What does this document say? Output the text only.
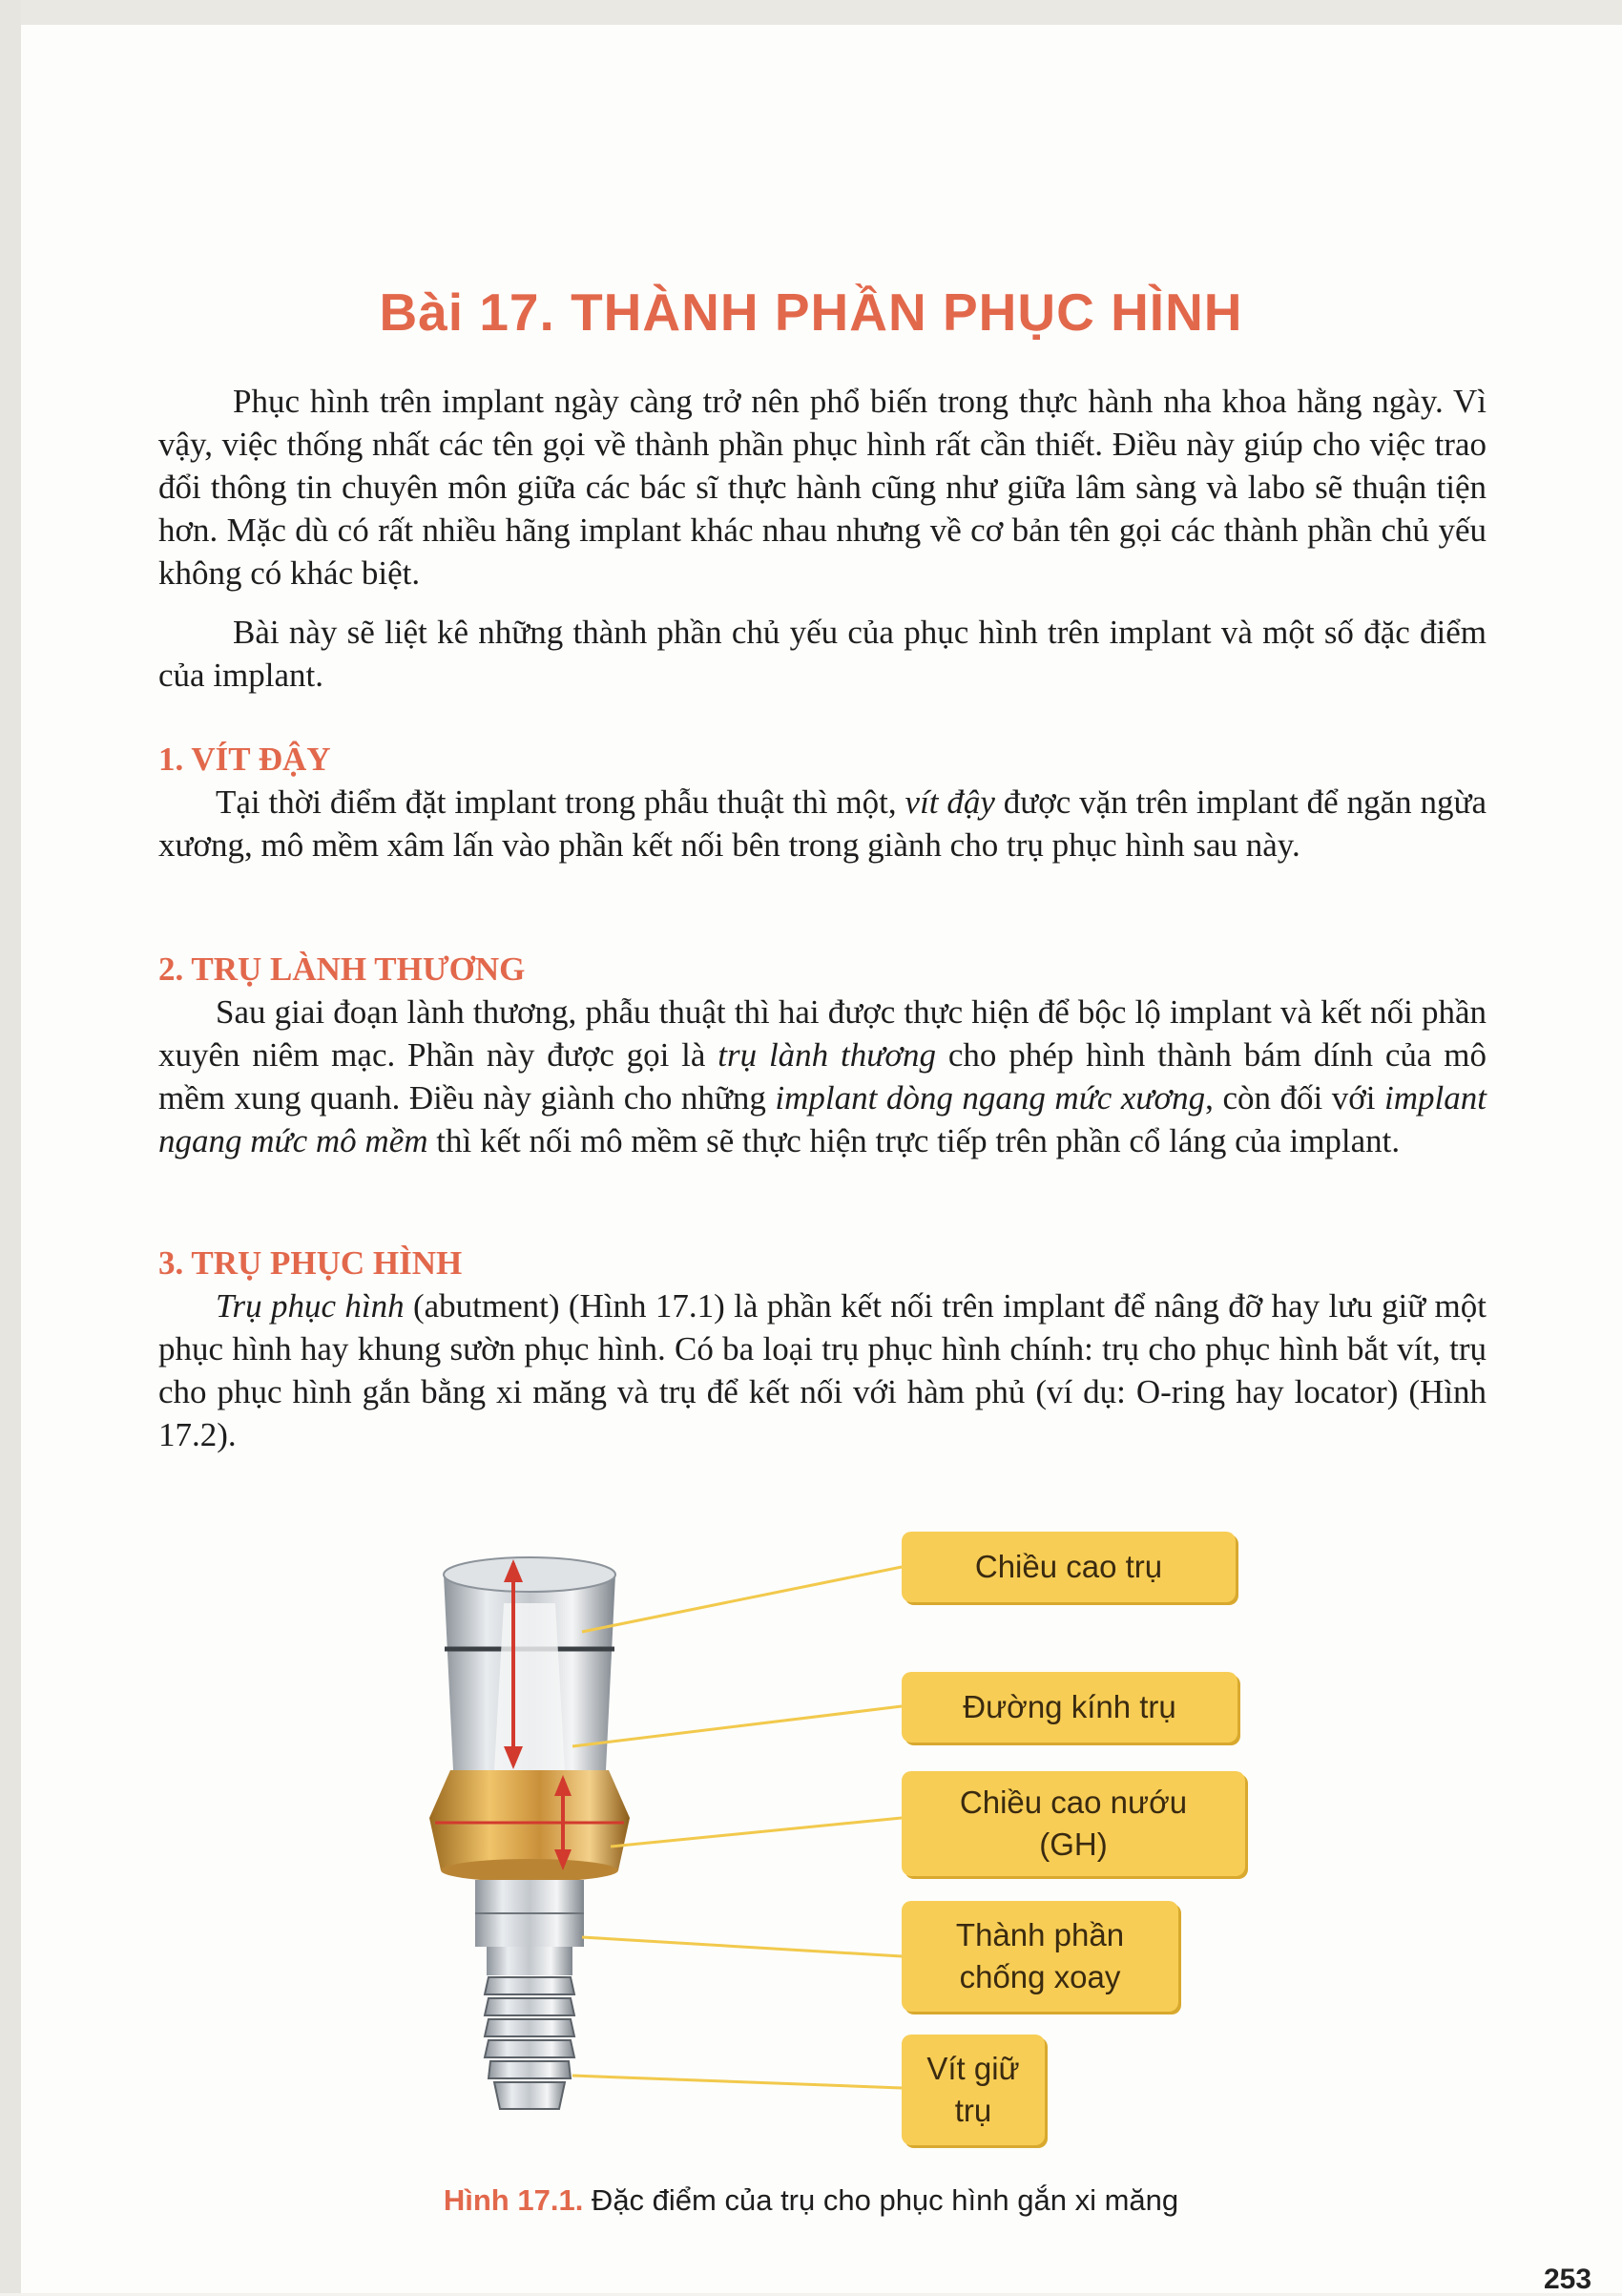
Bài 17. THÀNH PHẦN PHỤC HÌNH

Phục hình trên implant ngày càng trở nên phổ biến trong thực hành nha khoa hằng ngày. Vì vậy, việc thống nhất các tên gọi về thành phần phục hình rất cần thiết. Điều này giúp cho việc trao đổi thông tin chuyên môn giữa các bác sĩ thực hành cũng như giữa lâm sàng và labo sẽ thuận tiện hơn. Mặc dù có rất nhiều hãng implant khác nhau nhưng về cơ bản tên gọi các thành phần chủ yếu không có khác biệt.

Bài này sẽ liệt kê những thành phần chủ yếu của phục hình trên implant và một số đặc điểm của implant.

1. VÍT ĐẬY

Tại thời điểm đặt implant trong phẫu thuật thì một, vít đậy được vặn trên implant để ngăn ngừa xương, mô mềm xâm lấn vào phần kết nối bên trong giành cho trụ phục hình sau này.

2. TRỤ LÀNH THƯƠNG

Sau giai đoạn lành thương, phẫu thuật thì hai được thực hiện để bộc lộ implant và kết nối phần xuyên niêm mạc. Phần này được gọi là trụ lành thương cho phép hình thành bám dính của mô mềm xung quanh. Điều này giành cho những implant dòng ngang mức xương, còn đối với implant ngang mức mô mềm thì kết nối mô mềm sẽ thực hiện trực tiếp trên phần cổ láng của implant.

3. TRỤ PHỤC HÌNH

Trụ phục hình (abutment) (Hình 17.1) là phần kết nối trên implant để nâng đỡ hay lưu giữ một phục hình hay khung sườn phục hình. Có ba loại trụ phục hình chính: trụ cho phục hình bắt vít, trụ cho phục hình gắn bằng xi măng và trụ để kết nối với hàm phủ (ví dụ: O-ring hay locator) (Hình 17.2).

Chiều cao trụ
Đường kính trụ
Chiều cao nướu
(GH)
Thành phần
chống xoay
Vít giữ
trụ
Hình 17.1. Đặc điểm của trụ cho phục hình gắn xi măng
253
